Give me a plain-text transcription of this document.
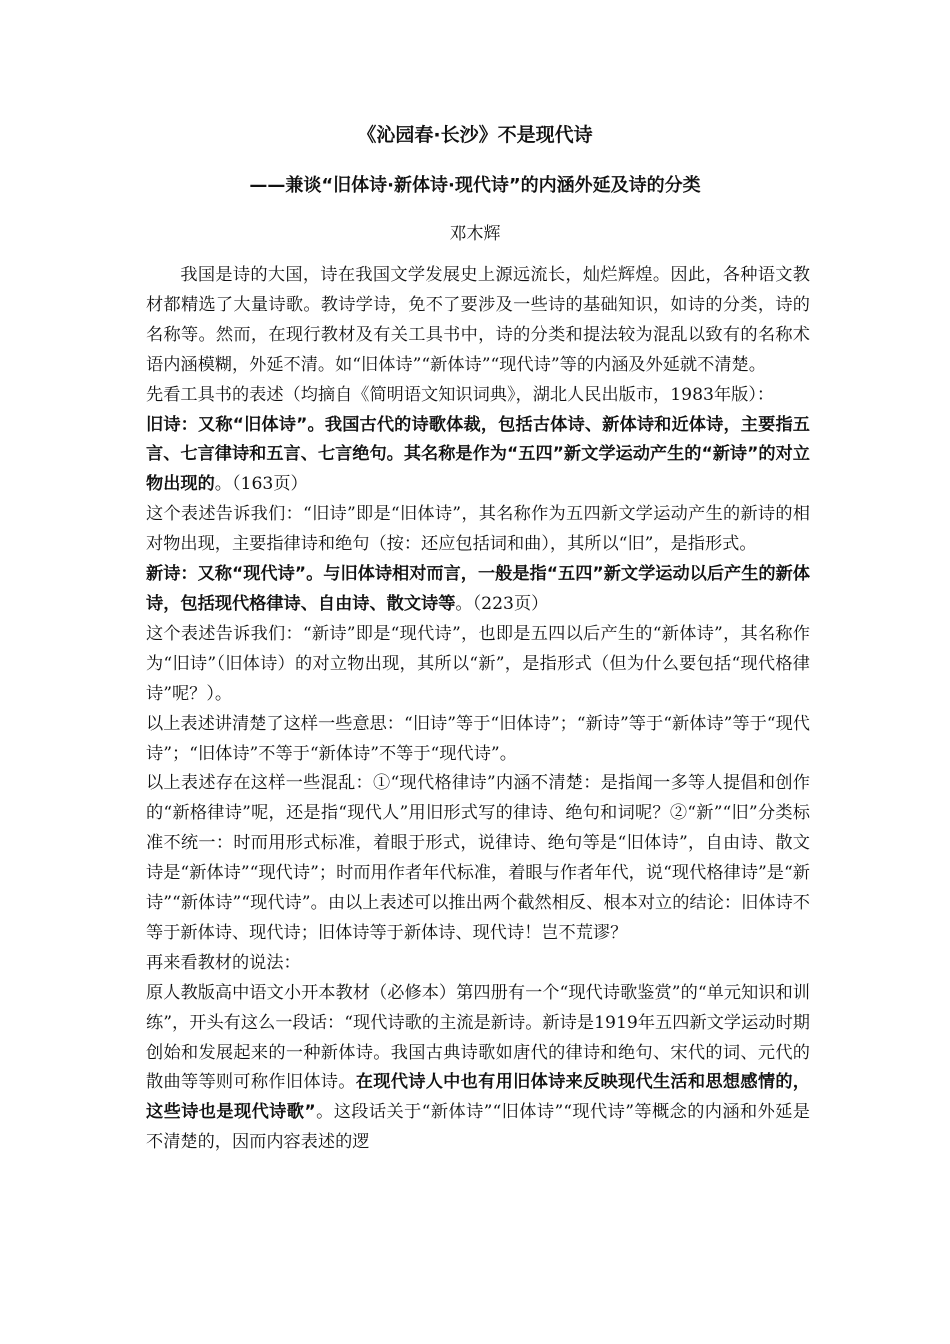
《沁园春·长沙》不是现代诗
——兼谈“旧体诗·新体诗·现代诗”的内涵外延及诗的分类
邓木辉

我国是诗的大国，诗在我国文学发展史上源远流长，灿烂辉煌。因此，各种语文教材都精选了大量诗歌。教诗学诗，免不了要涉及一些诗的基础知识，如诗的分类，诗的名称等。然而，在现行教材及有关工具书中，诗的分类和提法较为混乱以致有的名称术语内涵模糊，外延不清。如“旧体诗”“新体诗”“现代诗”等的内涵及外延就不清楚。

先看工具书的表述（均摘自《简明语文知识词典》，湖北人民出版市，1983年版）：

旧诗：又称“旧体诗”。我国古代的诗歌体裁，包括古体诗、新体诗和近体诗，主要指五言、七言律诗和五言、七言绝句。其名称是作为“五四”新文学运动产生的“新诗”的对立物出现的。（163页）

这个表述告诉我们：“旧诗”即是“旧体诗”，其名称作为五四新文学运动产生的新诗的相对物出现，主要指律诗和绝句（按：还应包括词和曲），其所以“旧”，是指形式。

新诗：又称“现代诗”。与旧体诗相对而言，一般是指“五四”新文学运动以后产生的新体诗，包括现代格律诗、自由诗、散文诗等。（223页）

这个表述告诉我们：“新诗”即是“现代诗”，也即是五四以后产生的“新体诗”，其名称作为“旧诗”（旧体诗）的对立物出现，其所以“新”，是指形式（但为什么要包括“现代格律诗”呢？）。

以上表述讲清楚了这样一些意思：“旧诗”等于“旧体诗”；“新诗”等于“新体诗”等于“现代诗”；“旧体诗”不等于“新体诗”不等于“现代诗”。

以上表述存在这样一些混乱：①“现代格律诗”内涵不清楚：是指闻一多等人提倡和创作的“新格律诗”呢，还是指“现代人”用旧形式写的律诗、绝句和词呢？②“新”“旧”分类标准不统一：时而用形式标准，着眼于形式，说律诗、绝句等是“旧体诗”，自由诗、散文诗是“新体诗”“现代诗”；时而用作者年代标准，着眼与作者年代，说“现代格律诗”是“新诗”“新体诗”“现代诗”。由以上表述可以推出两个截然相反、根本对立的结论：旧体诗不等于新体诗、现代诗；旧体诗等于新体诗、现代诗！岂不荒谬？

再来看教材的说法：

原人教版高中语文小开本教材（必修本）第四册有一个“现代诗歌鉴赏”的“单元知识和训练”，开头有这么一段话：“现代诗歌的主流是新诗。新诗是1919年五四新文学运动时期创始和发展起来的一种新体诗。我国古典诗歌如唐代的律诗和绝句、宋代的词、元代的散曲等等则可称作旧体诗。在现代诗人中也有用旧体诗来反映现代生活和思想感情的，这些诗也是现代诗歌”。这段话关于“新体诗”“旧体诗”“现代诗”等概念的内涵和外延是不清楚的，因而内容表述的逻
